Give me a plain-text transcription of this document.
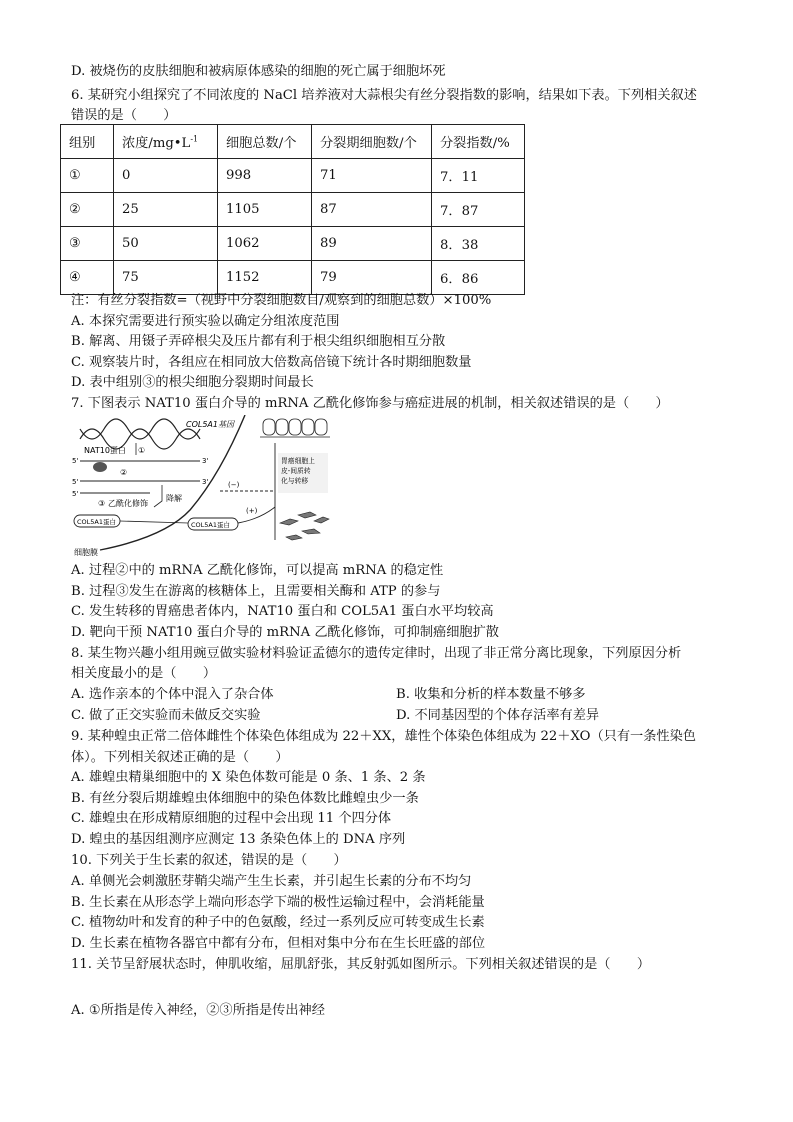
D. 被烧伤的皮肤细胞和被病原体感染的细胞的死亡属于细胞坏死
6. 某研究小组探究了不同浓度的 NaCl 培养液对大蒜根尖有丝分裂指数的影响，结果如下表。下列相关叙述
错误的是（　　）
组别	浓度$/mg•L^{-1}$	细胞总数/个	分裂期细胞数/个	分裂指数/%
①	0	998	71	7．11
②	25	1105	87	7．87
③	50	1062	89	8．38
④	75	1152	79	6．86
注：有丝分裂指数=（视野中分裂细胞数目/观察到的细胞总数）×100%
A. 本探究需要进行预实验以确定分组浓度范围
B. 解离、用镊子弄碎根尖及压片都有利于根尖组织细胞相互分散
C. 观察装片时，各组应在相同放大倍数高倍镜下统计各时期细胞数量
D. 表中组别③的根尖细胞分裂期时间最长
7. 下图表示 NAT10 蛋白介导的 mRNA 乙酰化修饰参与癌症进展的机制，相关叙述错误的是（　　）
COL5A1基因
5'	3'
①
NAT10蛋白
②
5'	3'
降解
5'
③ 乙酰化修饰
COL5A1蛋白	COL5A1蛋白
细胞膜
(−)
(+)
胃癌细胞上
皮-间质转
化与转移
A. 过程②中的 mRNA 乙酰化修饰，可以提高 mRNA 的稳定性
B. 过程③发生在游离的核糖体上，且需要相关酶和 ATP 的参与
C. 发生转移的胃癌患者体内，NAT10 蛋白和 COL5A1 蛋白水平均较高
D. 靶向干预 NAT10 蛋白介导的 mRNA 乙酰化修饰，可抑制癌细胞扩散
8. 某生物兴趣小组用豌豆做实验材料验证孟德尔的遗传定律时，出现了非正常分离比现象，下列原因分析
相关度最小的是（　　）
A. 选作亲本的个体中混入了杂合体	B. 收集和分析的样本数量不够多
C. 做了正交实验而未做反交实验	D. 不同基因型的个体存活率有差异
9. 某种蝗虫正常二倍体雌性个体染色体组成为 22＋XX，雄性个体染色体组成为 22＋XO（只有一条性染色
体）。下列相关叙述正确的是（　　）
A. 雄蝗虫精巢细胞中的 X 染色体数可能是 0 条、1 条、2 条
B. 有丝分裂后期雄蝗虫体细胞中的染色体数比雌蝗虫少一条
C. 雄蝗虫在形成精原细胞的过程中会出现 11 个四分体
D. 蝗虫的基因组测序应测定 13 条染色体上的 DNA 序列
10. 下列关于生长素的叙述，错误的是（　　）
A. 单侧光会刺激胚芽鞘尖端产生生长素，并引起生长素的分布不均匀
B. 生长素在从形态学上端向形态学下端的极性运输过程中，会消耗能量
C. 植物幼叶和发育的种子中的色氨酸，经过一系列反应可转变成生长素
D. 生长素在植物各器官中都有分布，但相对集中分布在生长旺盛的部位
11. 关节呈舒展状态时，伸肌收缩，屈肌舒张，其反射弧如图所示。下列相关叙述错误的是（　　）
A. ①所指是传入神经，②③所指是传出神经
